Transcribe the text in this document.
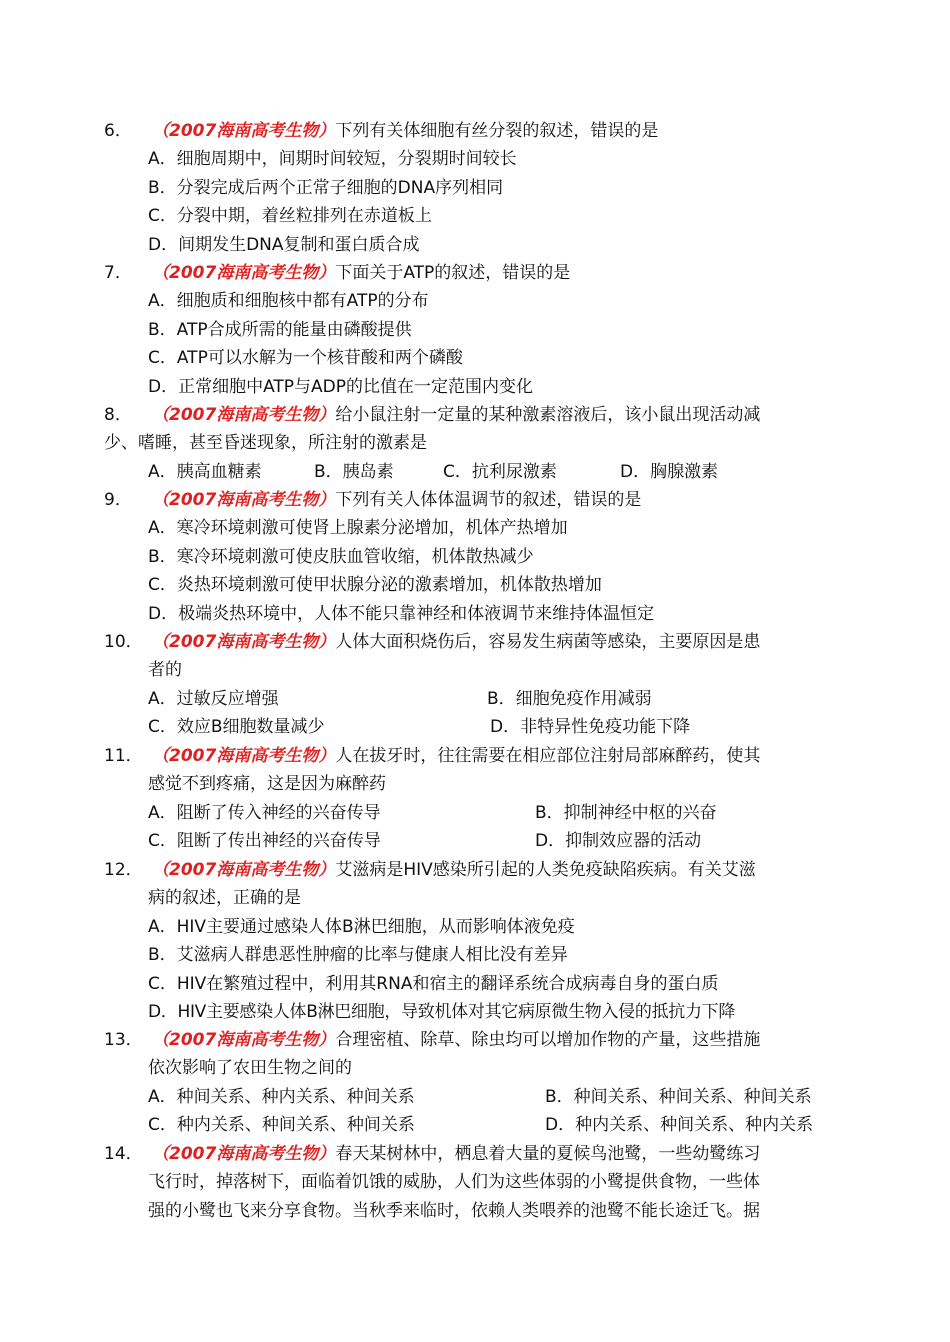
6． （2007海南高考生物）下列有关体细胞有丝分裂的叙述，错误的是
A．细胞周期中，间期时间较短，分裂期时间较长
B．分裂完成后两个正常子细胞的DNA序列相同
C．分裂中期，着丝粒排列在赤道板上
D．间期发生DNA复制和蛋白质合成
7． （2007海南高考生物）下面关于ATP的叙述，错误的是
A．细胞质和细胞核中都有ATP的分布
B．ATP合成所需的能量由磷酸提供
C．ATP可以水解为一个核苷酸和两个磷酸
D．正常细胞中ATP与ADP的比值在一定范围内变化
8． （2007海南高考生物）给小鼠注射一定量的某种激素溶液后，该小鼠出现活动减
少、嗜睡，甚至昏迷现象，所注射的激素是
A．胰高血糖素	B．胰岛素	C．抗利尿激素	D．胸腺激素
9． （2007海南高考生物）下列有关人体体温调节的叙述，错误的是
A．寒冷环境刺激可使肾上腺素分泌增加，机体产热增加
B．寒冷环境刺激可使皮肤血管收缩，机体散热减少
C．炎热环境刺激可使甲状腺分泌的激素增加，机体散热增加
D．极端炎热环境中，人体不能只靠神经和体液调节来维持体温恒定
10． （2007海南高考生物）人体大面积烧伤后，容易发生病菌等感染，主要原因是患
者的
A．过敏反应增强	B．细胞免疫作用减弱
C．效应B细胞数量减少	D．非特异性免疫功能下降
11． （2007海南高考生物）人在拔牙时，往往需要在相应部位注射局部麻醉药，使其
感觉不到疼痛，这是因为麻醉药
A．阻断了传入神经的兴奋传导	B．抑制神经中枢的兴奋
C．阻断了传出神经的兴奋传导	D．抑制效应器的活动
12． （2007海南高考生物）艾滋病是HIV感染所引起的人类免疫缺陷疾病。有关艾滋
病的叙述，正确的是
A．HIV主要通过感染人体B淋巴细胞，从而影响体液免疫
B．艾滋病人群患恶性肿瘤的比率与健康人相比没有差异
C．HIV在繁殖过程中，利用其RNA和宿主的翻译系统合成病毒自身的蛋白质
D．HIV主要感染人体B淋巴细胞，导致机体对其它病原微生物入侵的抵抗力下降
13． （2007海南高考生物）合理密植、除草、除虫均可以增加作物的产量，这些措施
依次影响了农田生物之间的
A．种间关系、种内关系、种间关系	B．种间关系、种间关系、种间关系
C．种内关系、种间关系、种间关系	D．种内关系、种间关系、种内关系
14． （2007海南高考生物）春天某树林中，栖息着大量的夏候鸟池鹭，一些幼鹭练习
飞行时，掉落树下，面临着饥饿的威胁，人们为这些体弱的小鹭提供食物，一些体
强的小鹭也飞来分享食物。当秋季来临时，依赖人类喂养的池鹭不能长途迁飞。据
